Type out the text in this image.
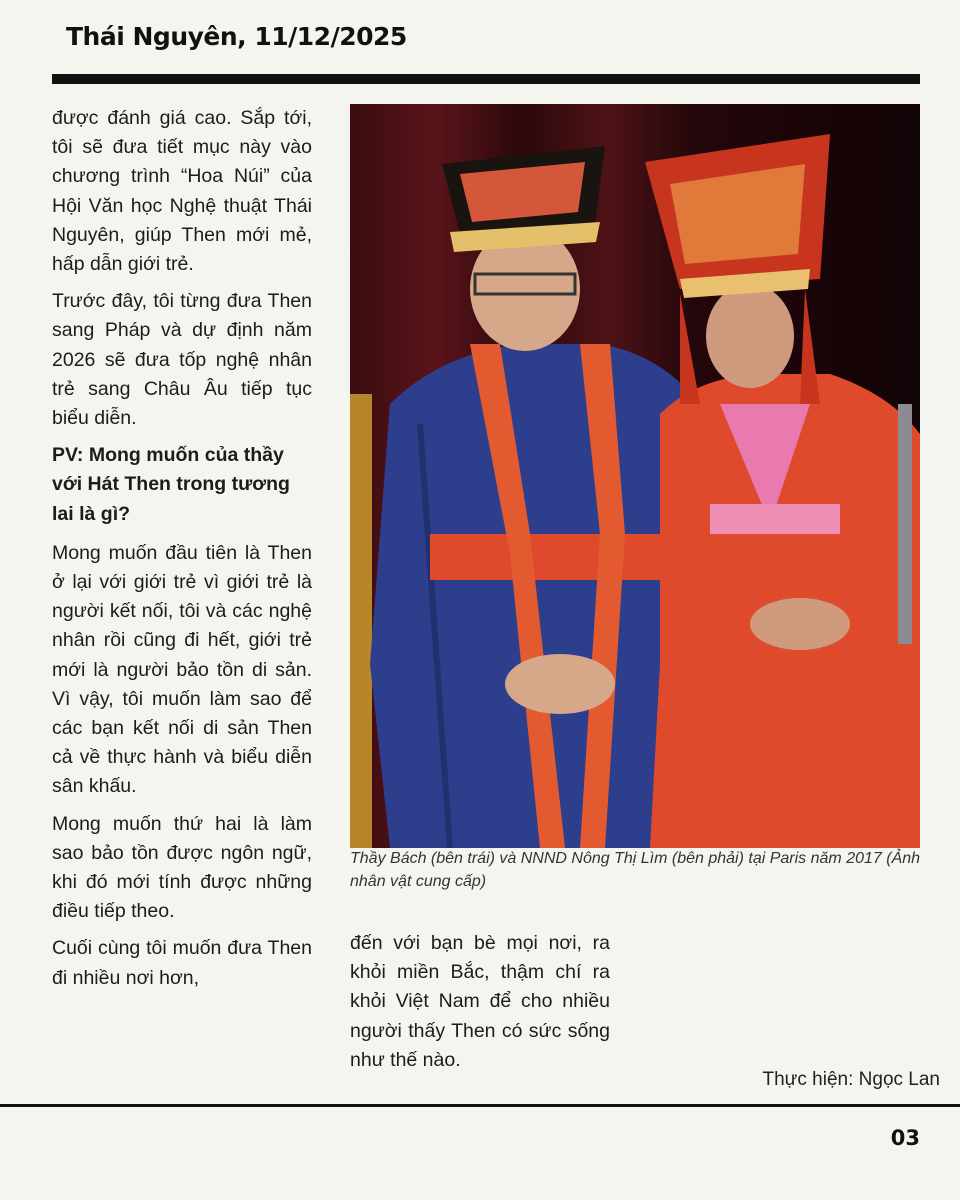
Thái Nguyên, 11/12/2025

được đánh giá cao. Sắp tới, tôi sẽ đưa tiết mục này vào chương trình “Hoa Núi” của Hội Văn học Nghệ thuật Thái Nguyên, giúp Then mới mẻ, hấp dẫn giới trẻ.

Trước đây, tôi từng đưa Then sang Pháp và dự định năm 2026 sẽ đưa tốp nghệ nhân trẻ sang Châu Âu tiếp tục biểu diễn.

PV: Mong muốn của thầy với Hát Then trong tương lai là gì?

Mong muốn đầu tiên là Then ở lại với giới trẻ vì giới trẻ là người kết nối, tôi và các nghệ nhân rồi cũng đi hết, giới trẻ mới là người bảo tồn di sản. Vì vậy, tôi muốn làm sao để các bạn kết nối di sản Then cả về thực hành và biểu diễn sân khấu.

Mong muốn thứ hai là làm sao bảo tồn được ngôn ngữ, khi đó mới tính được những điều tiếp theo.

Cuối cùng tôi muốn đưa Then đi nhiều nơi hơn,

Thầy Bách (bên trái) và NNND Nông Thị Lìm (bên phải) tại Paris năm 2017 (Ảnh nhân vật cung cấp)

đến với bạn bè mọi nơi, ra khỏi miền Bắc, thậm chí ra khỏi Việt Nam để cho nhiều người thấy Then có sức sống như thế nào.

Thực hiện: Ngọc Lan
03
